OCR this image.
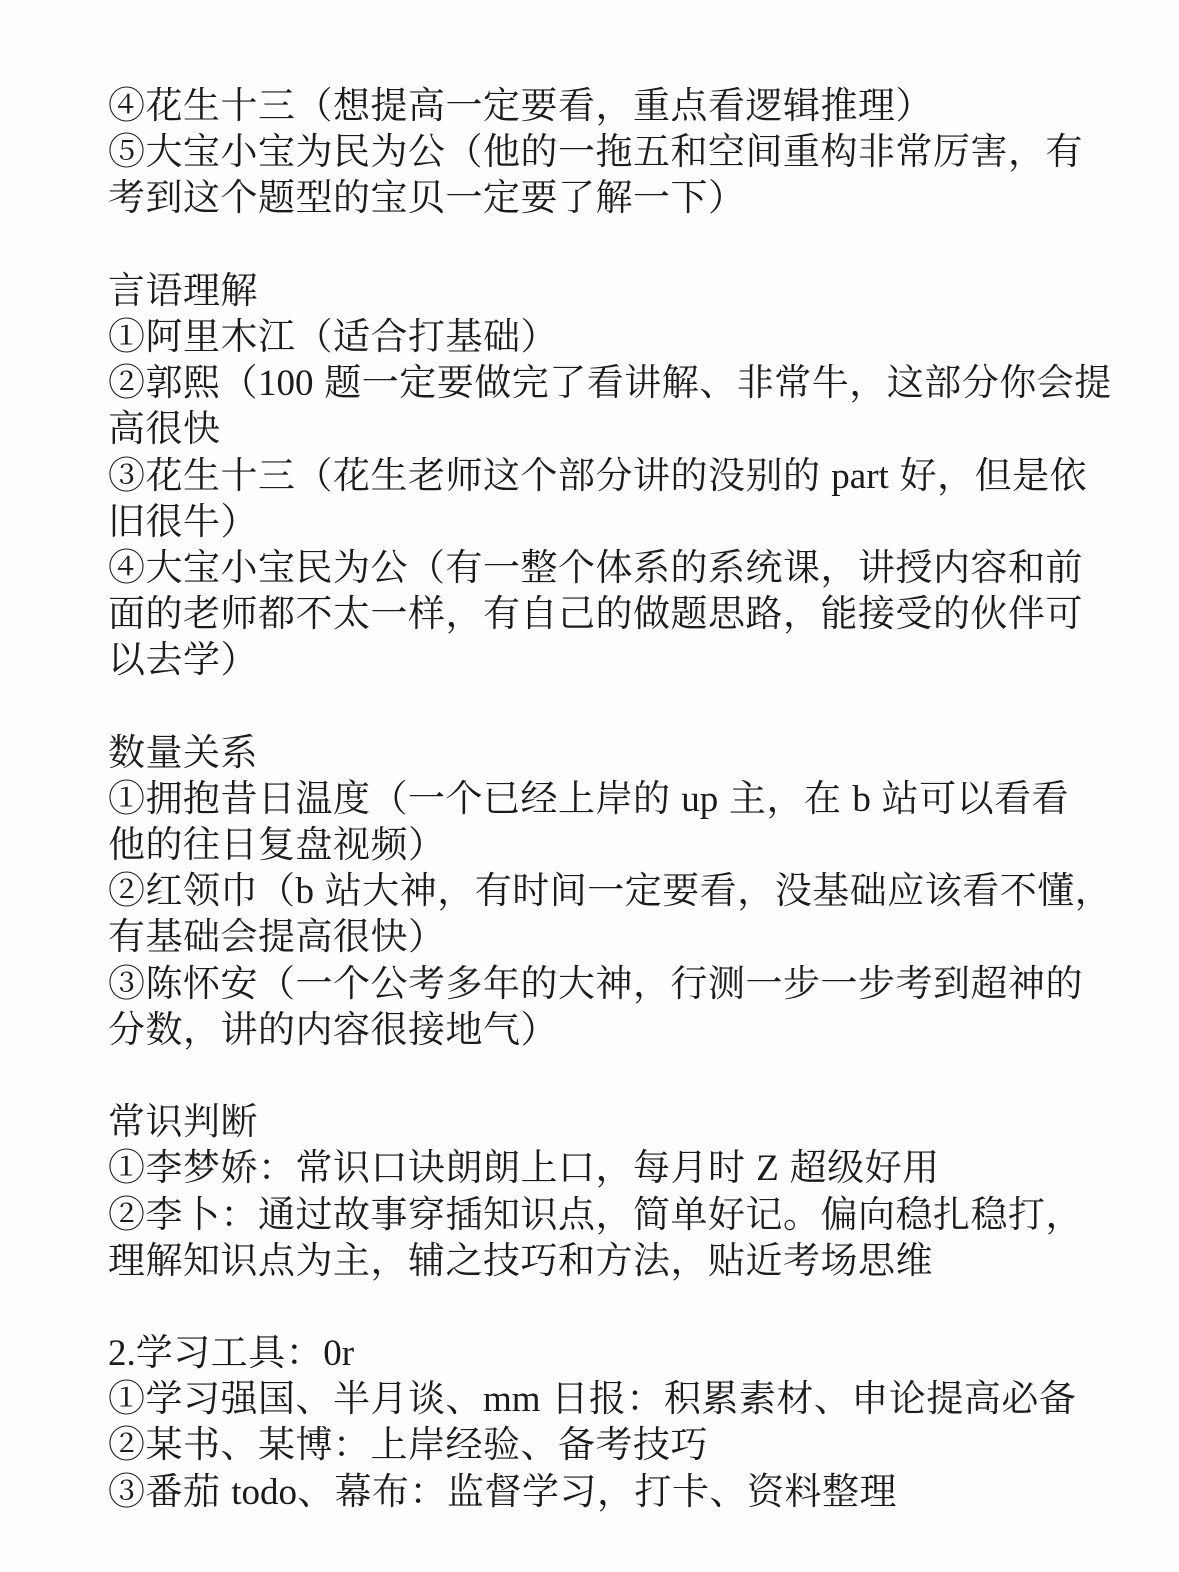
④花生十三（想提高一定要看，重点看逻辑推理）
⑤大宝小宝为民为公（他的一拖五和空间重构非常厉害，有
考到这个题型的宝贝一定要了解一下）
言语理解
①阿里木江（适合打基础）
②郭熙（100 题一定要做完了看讲解、非常牛，这部分你会提
高很快
③花生十三（花生老师这个部分讲的没别的 part 好，但是依
旧很牛）
④大宝小宝民为公（有一整个体系的系统课，讲授内容和前
面的老师都不太一样，有自己的做题思路，能接受的伙伴可
以去学）
数量关系
①拥抱昔日温度（一个已经上岸的 up 主，在 b 站可以看看
他的往日复盘视频）
②红领巾（b 站大神，有时间一定要看，没基础应该看不懂，
有基础会提高很快）
③陈怀安（一个公考多年的大神，行测一步一步考到超神的
分数，讲的内容很接地气）
常识判断
①李梦娇：常识口诀朗朗上口，每月时 Z 超级好用
②李卜：通过故事穿插知识点，简单好记。偏向稳扎稳打，
理解知识点为主，辅之技巧和方法，贴近考场思维
2.学习工具：0r
①学习强国、半月谈、mm 日报：积累素材、申论提高必备
②某书、某博：上岸经验、备考技巧
③番茄 todo、幕布：监督学习，打卡、资料整理
